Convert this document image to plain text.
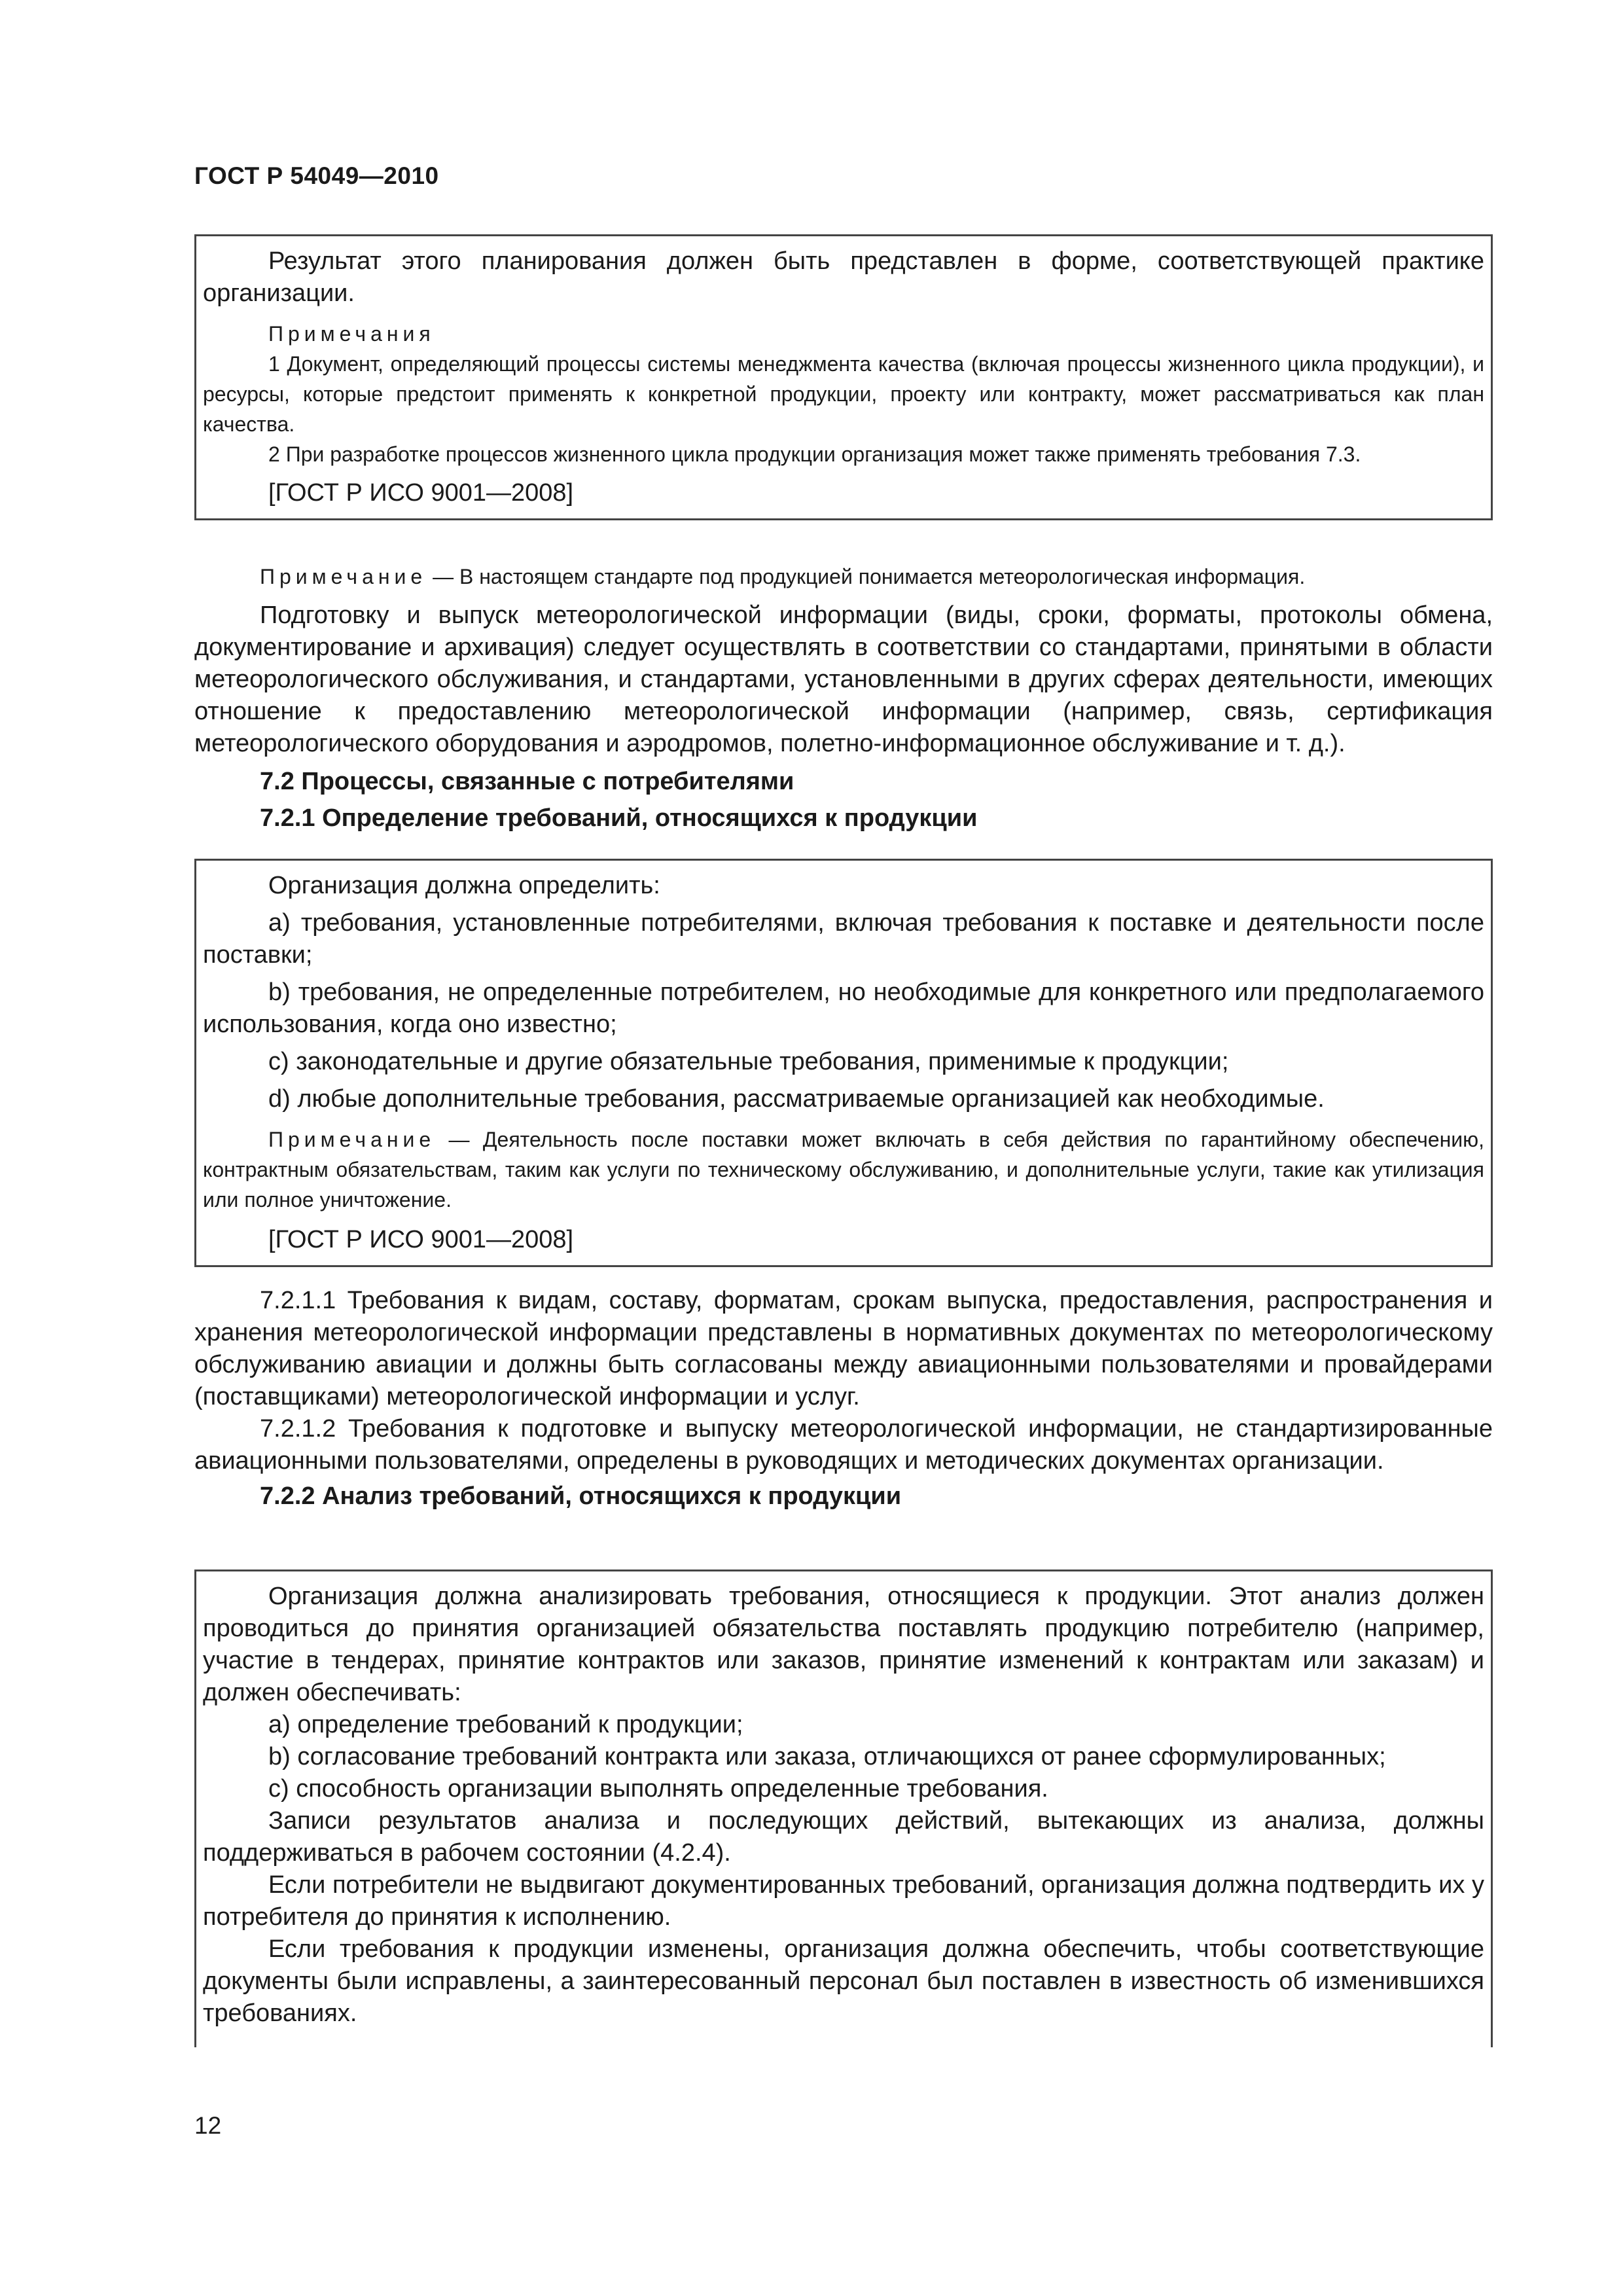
ГОСТ Р 54049—2010

Результат этого планирования должен быть представлен в форме, соответствующей практике организации.

Примечания

1 Документ, определяющий процессы системы менеджмента качества (включая процессы жизненного цикла продукции), и ресурсы, которые предстоит применять к конкретной продукции, проекту или контракту, может рассматриваться как план качества.

2 При разработке процессов жизненного цикла продукции организация может также применять требования 7.3.

[ГОСТ Р ИСО 9001—2008]

Примечание — В настоящем стандарте под продукцией понимается метеорологическая информация.

Подготовку и выпуск метеорологической информации (виды, сроки, форматы, протоколы обмена, документирование и архивация) следует осуществлять в соответствии со стандартами, принятыми в области метеорологического обслуживания, и стандартами, установленными в других сферах деятельности, имеющих отношение к предоставлению метеорологической информации (например, связь, сертификация метеорологического оборудования и аэродромов, полетно-информационное обслуживание и т. д.).

7.2 Процессы, связанные с потребителями

7.2.1 Определение требований, относящихся к продукции

Организация должна определить:

a) требования, установленные потребителями, включая требования к поставке и деятельности после поставки;

b) требования, не определенные потребителем, но необходимые для конкретного или предполагаемого использования, когда оно известно;

c) законодательные и другие обязательные требования, применимые к продукции;

d) любые дополнительные требования, рассматриваемые организацией как необходимые.

Примечание — Деятельность после поставки может включать в себя действия по гарантийному обеспечению, контрактным обязательствам, таким как услуги по техническому обслуживанию, и дополнительные услуги, такие как утилизация или полное уничтожение.

[ГОСТ Р ИСО 9001—2008]

7.2.1.1 Требования к видам, составу, форматам, срокам выпуска, предоставления, распространения и хранения метеорологической информации представлены в нормативных документах по метеорологическому обслуживанию авиации и должны быть согласованы между авиационными пользователями и провайдерами (поставщиками) метеорологической информации и услуг.

7.2.1.2 Требования к подготовке и выпуску метеорологической информации, не стандартизированные авиационными пользователями, определены в руководящих и методических документах организации.

7.2.2 Анализ требований, относящихся к продукции

Организация должна анализировать требования, относящиеся к продукции. Этот анализ должен проводиться до принятия организацией обязательства поставлять продукцию потребителю (например, участие в тендерах, принятие контрактов или заказов, принятие изменений к контрактам или заказам) и должен обеспечивать:

a) определение требований к продукции;

b) согласование требований контракта или заказа, отличающихся от ранее сформулированных;

c) способность организации выполнять определенные требования.

Записи результатов анализа и последующих действий, вытекающих из анализа, должны поддерживаться в рабочем состоянии (4.2.4).

Если потребители не выдвигают документированных требований, организация должна подтвердить их у потребителя до принятия к исполнению.

Если требования к продукции изменены, организация должна обеспечить, чтобы соответствующие документы были исправлены, а заинтересованный персонал был поставлен в известность об изменившихся требованиях.

12
